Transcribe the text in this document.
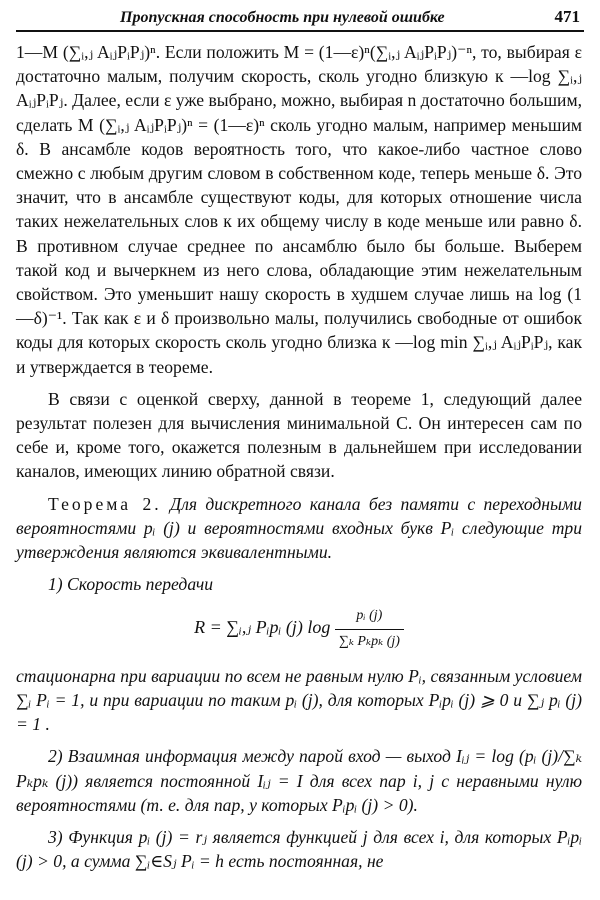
Пропускная способность при нулевой ошибке	471

1—M (∑ᵢ,ⱼ AᵢⱼPᵢPⱼ)ⁿ. Если положить M = (1—ε)ⁿ(∑ᵢ,ⱼ AᵢⱼPᵢPⱼ)⁻ⁿ, то, выбирая ε достаточно малым, получим скорость, сколь угодно близкую к —log ∑ᵢ,ⱼ AᵢⱼPᵢPⱼ. Далее, если ε уже выбрано, можно, выбирая n достаточно большим, сделать M (∑ᵢ,ⱼ AᵢⱼPᵢPⱼ)ⁿ = (1—ε)ⁿ сколь угодно малым, например меньшим δ. В ансамбле кодов вероятность того, что какое-либо частное слово смежно с любым другим словом в собственном коде, теперь меньше δ. Это значит, что в ансамбле существуют коды, для которых отношение числа таких нежелательных слов к их общему числу в коде меньше или равно δ. В противном случае среднее по ансамблю было бы больше. Выберем такой код и вычеркнем из него слова, обладающие этим нежелательным свойством. Это уменьшит нашу скорость в худшем случае лишь на log (1—δ)⁻¹. Так как ε и δ произвольно малы, получились свободные от ошибок коды для которых скорость сколь угодно близка к —log min ∑ᵢ,ⱼ AᵢⱼPᵢPⱼ, как и утверждается в теореме.

В связи с оценкой сверху, данной в теореме 1, следующий далее результат полезен для вычисления минимальной C. Он интересен сам по себе и, кроме того, окажется полезным в дальнейшем при исследовании каналов, имеющих линию обратной связи.

Теорема 2. Для дискретного канала без памяти с переходными вероятностями pᵢ (j) и вероятностями входных букв Pᵢ следующие три утверждения являются эквивалентными.

1) Скорость передачи

R = ∑ᵢ,ⱼ Pᵢpᵢ (j) $\log \frac{\text{pᵢ (j)}}{\text{∑ₖ Pₖpₖ (j)}}$

стационарна при вариации по всем не равным нулю Pᵢ, связанным условием ∑ᵢ Pᵢ = 1, и при вариации по таким pᵢ (j), для которых Pᵢpᵢ (j) ⩾ 0 и ∑ⱼ pᵢ (j) = 1 .

2) Взаимная информация между парой вход — выход Iᵢⱼ = log (pᵢ (j)/∑ₖ Pₖpₖ (j)) является постоянной Iᵢⱼ = I для всех пар i, j с неравными нулю вероятностями (т. е. для пар, у которых Pᵢpᵢ (j) > 0).

3) Функция pᵢ (j) = rⱼ является функцией j для всех i, для которых Pᵢpᵢ (j) > 0, а сумма ∑ᵢ∈Sⱼ Pᵢ = h есть постоянная, не
